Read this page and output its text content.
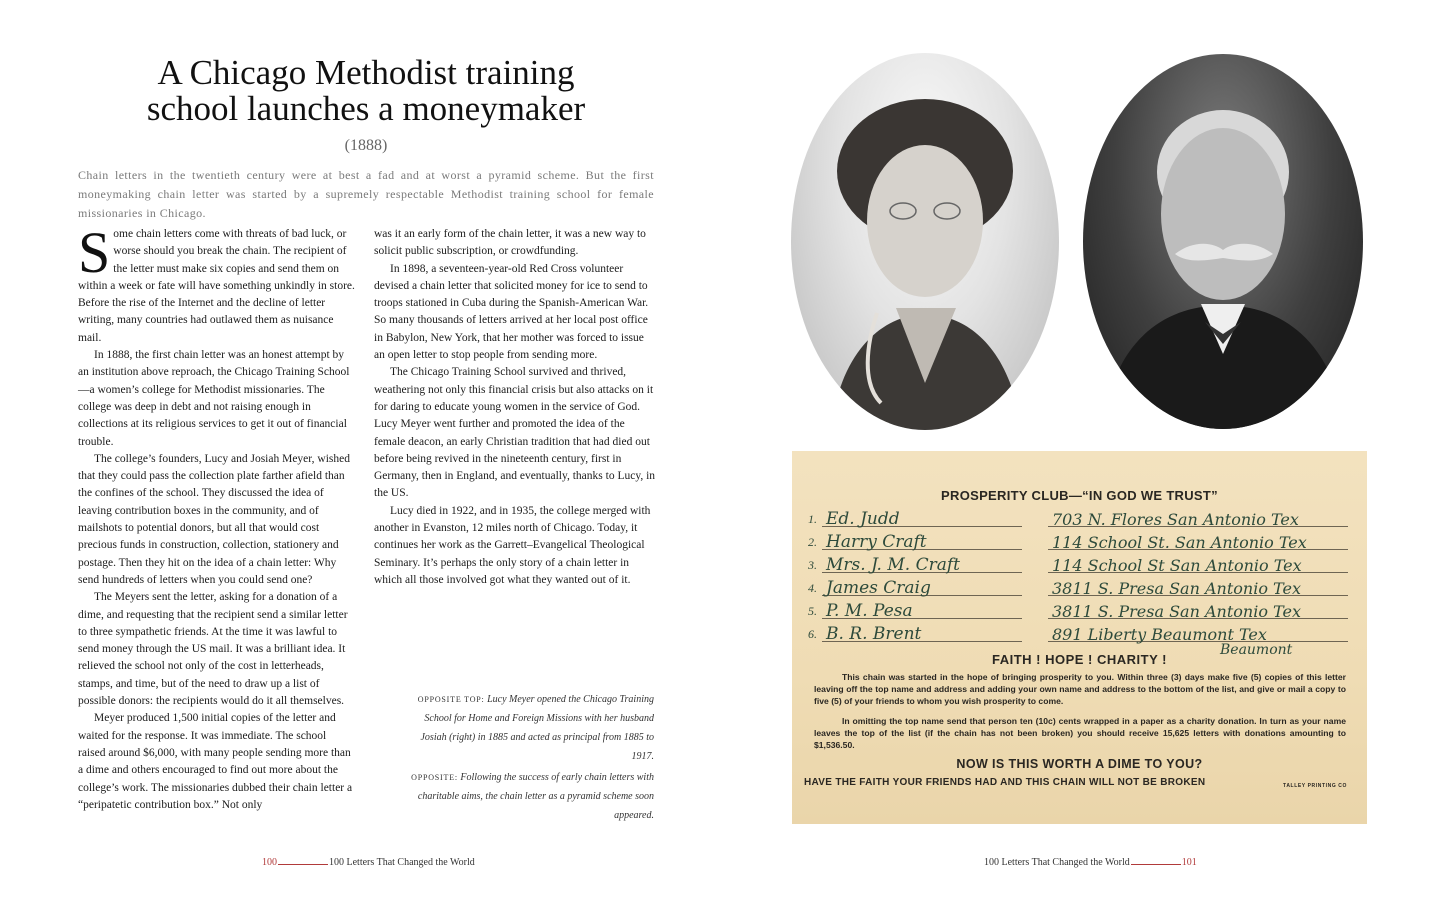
A Chicago Methodist training
school launches a moneymaker
(1888)

Chain letters in the twentieth century were at best a fad and at worst a pyramid scheme. But the first moneymaking chain letter was started by a supremely respectable Methodist training school for female missionaries in Chicago.

Some chain letters come with threats of bad luck, or worse should you break the chain. The recipient of the letter must make six copies and send them on within a week or fate will have something unkindly in store. Before the rise of the Internet and the decline of letter writing, many countries had outlawed them as nuisance mail.

In 1888, the first chain letter was an honest attempt by an institution above reproach, the Chicago Training School—a women’s college for Methodist missionaries. The college was deep in debt and not raising enough in collections at its religious services to get it out of financial trouble.

The college’s founders, Lucy and Josiah Meyer, wished that they could pass the collection plate farther afield than the confines of the school. They discussed the idea of leaving contribution boxes in the community, and of mailshots to potential donors, but all that would cost precious funds in construction, collection, stationery and postage. Then they hit on the idea of a chain letter: Why send hundreds of letters when you could send one?

The Meyers sent the letter, asking for a donation of a dime, and requesting that the recipient send a similar letter to three sympathetic friends. At the time it was lawful to send money through the US mail. It was a brilliant idea. It relieved the school not only of the cost in letterheads, stamps, and time, but of the need to draw up a list of possible donors: the recipients would do it all themselves.

Meyer produced 1,500 initial copies of the letter and waited for the response. It was immediate. The school raised around $6,000, with many people sending more than a dime and others encouraged to find out more about the college’s work. The missionaries dubbed their chain letter a “peripatetic contribution box.” Not only

was it an early form of the chain letter, it was a new way to solicit public subscription, or crowdfunding.

In 1898, a seventeen-year-old Red Cross volunteer devised a chain letter that solicited money for ice to send to troops stationed in Cuba during the Spanish-American War. So many thousands of letters arrived at her local post office in Babylon, New York, that her mother was forced to issue an open letter to stop people from sending more.

The Chicago Training School survived and thrived, weathering not only this financial crisis but also attacks on it for daring to educate young women in the service of God. Lucy Meyer went further and promoted the idea of the female deacon, an early Christian tradition that had died out before being revived in the nineteenth century, first in Germany, then in England, and eventually, thanks to Lucy, in the US.

Lucy died in 1922, and in 1935, the college merged with another in Evanston, 12 miles north of Chicago. Today, it continues her work as the Garrett–Evangelical Theological Seminary. It’s perhaps the only story of a chain letter in which all those involved got what they wanted out of it.

OPPOSITE TOP: Lucy Meyer opened the Chicago Training School for Home and Foreign Missions with her husband Josiah (right) in 1885 and acted as principal from 1885 to 1917.

OPPOSITE: Following the success of early chain letters with charitable aims, the chain letter as a pyramid scheme soon appeared.

100	100 Letters That Changed the World
PROSPERITY CLUB—“IN GOD WE TRUST”
1. Ed. Judd	703 N. Flores San Antonio Tex
2. Harry Craft	114 School St. San Antonio Tex
3. Mrs. J. M. Craft	114 School St San Antonio Tex
4. James Craig	3811 S. Presa San Antonio Tex
5. P. M. Pesa	3811 S. Presa San Antonio Tex
6. B. R. Brent	891 Liberty Beaumont Tex
Beaumont
FAITH ! HOPE ! CHARITY !

This chain was started in the hope of bringing prosperity to you. Within three (3) days make five (5) copies of this letter leaving off the top name and address and adding your own name and address to the bottom of the list, and give or mail a copy to five (5) of your friends to whom you wish prosperity to come.

In omitting the top name send that person ten (10c) cents wrapped in a paper as a charity donation. In turn as your name leaves the top of the list (if the chain has not been broken) you should receive 15,625 letters with donations amounting to $1,536.50.

NOW IS THIS WORTH A DIME TO YOU?
HAVE THE FAITH YOUR FRIENDS HAD AND THIS CHAIN WILL NOT BE BROKEN	TALLEY PRINTING CO
100 Letters That Changed the World	101
